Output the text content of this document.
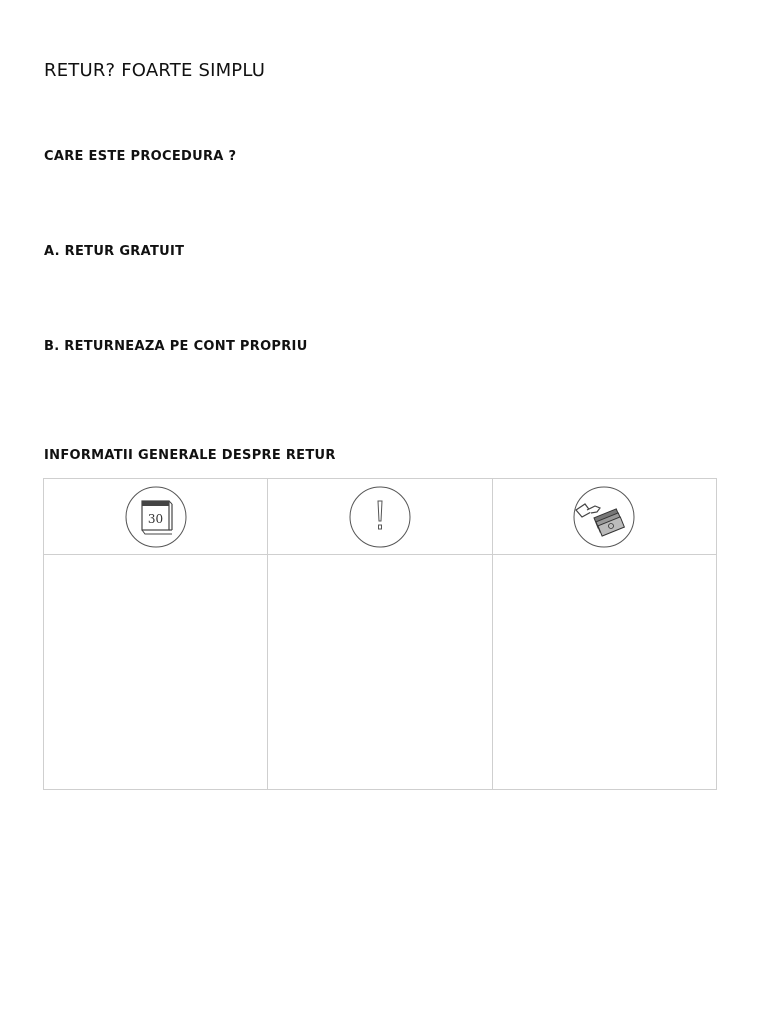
RETUR? FOARTE SIMPLU
CARE ESTE PROCEDURA ?
A. RETUR GRATUIT
B. RETURNEAZA PE CONT PROPRIU
INFORMATII GENERALE DESPRE RETUR
30
